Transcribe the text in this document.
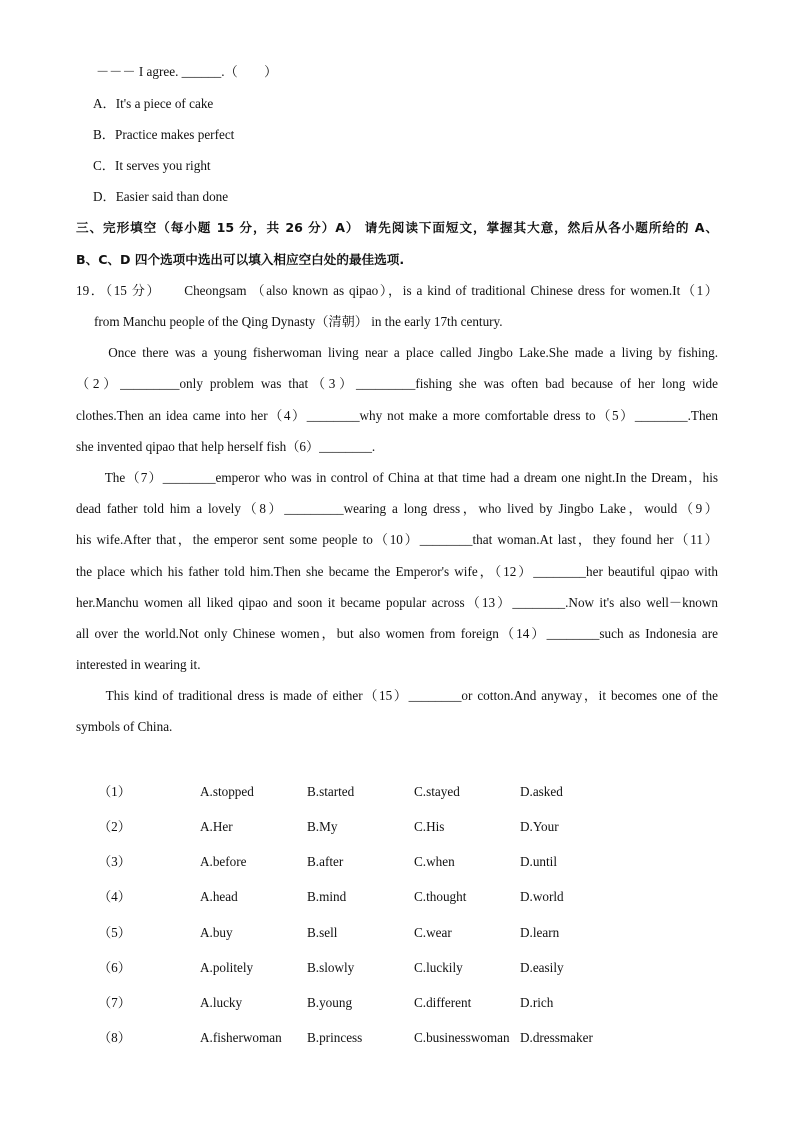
－－－ I agree. ______.（　　）
A．It's a piece of cake
B．Practice makes perfect
C．It serves you right
D．Easier said than done
三、完形填空（每小题 15 分，共 26 分）A） 请先阅读下面短文，掌握其大意，然后从各小题所给的 A、
B、C、D 四个选项中选出可以填入相应空白处的最佳选项.
19．（15 分）　　Cheongsam （also known as qipao），is a kind of traditional Chinese dress for women.It（1）
from Manchu people of the Qing Dynasty（清朝） in the early 17th century.
　　Once there was a young fisherwoman living near a place called Jingbo Lake.She made a living by fishing.
（2）_________only problem was that（3）_________fishing she was often bad because of her long wide
clothes.Then an idea came into her（4）________why not make a more comfortable dress to（5）________.Then
she invented qipao that help herself fish（6）________.
　　The（7）________emperor who was in control of China at that time had a dream one night.In the Dream，his
dead father told him a lovely（8）_________wearing a long dress，who lived by Jingbo Lake，would（9）
his wife.After that，the emperor sent some people to（10）________that woman.At last，they found her（11）
the place which his father told him.Then she became the Emperor's wife，（12）________her beautiful qipao with
her.Manchu women all liked qipao and soon it became popular across（13）________.Now it's also well－known
all over the world.Not only Chinese women，but also women from foreign（14）________such as Indonesia are
interested in wearing it.
　　This kind of traditional dress is made of either（15）________or cotton.And anyway，it becomes one of the
symbols of China.
（1）	A.stopped	B.started	C.stayed	D.asked
（2）	A.Her	B.My	C.His	D.Your
（3）	A.before	B.after	C.when	D.until
（4）	A.head	B.mind	C.thought	D.world
（5）	A.buy	B.sell	C.wear	D.learn
（6）	A.politely	B.slowly	C.luckily	D.easily
（7）	A.lucky	B.young	C.different	D.rich
（8）	A.fisherwoman B.princess	C.businesswoman D.dressmaker
